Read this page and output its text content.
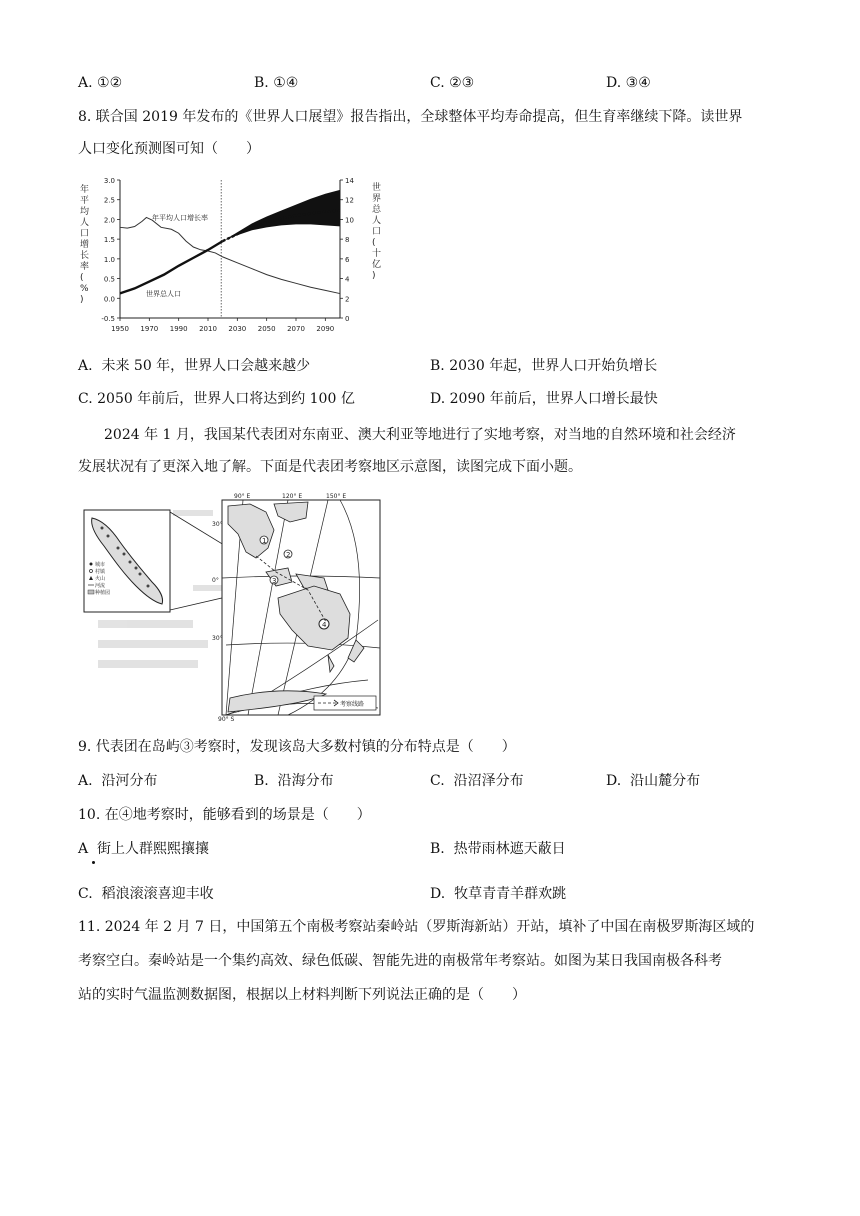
A. ①②	B. ①④	C. ②③	D. ③④
8. 联合国 2019 年发布的《世界人口展望》报告指出，全球整体平均寿命提高，但生育率继续下降。读世界
人口变化预测图可知（　　）
3.0
2.5
2.0
1.5
1.0
0.5
0.0
-0.5
14
12
10
8
6
4
2
0
1950 1970 1990 2010 2030 2050 2070 2090
年
平
均
人
口
增
长
率
(
%
)
世
界
总
人
口
(
十
亿
)
年平均人口增长率
世界总人口
A. 未来 50 年，世界人口会越来越少	B. 2030 年起，世界人口开始负增长
C. 2050 年前后，世界人口将达到约 100 亿	D. 2090 年前后，世界人口增长最快
2024 年 1 月，我国某代表团对东南亚、澳大利亚等地进行了实地考察，对当地的自然环境和社会经济
发展状况有了更深入地了解。下面是代表团考察地区示意图，读图完成下面小题。
城市
村镇
火山
河流
种植园
1
2
3
4
90° E	120° E	150° E
30°
0°
30°
90° S
考察线路
9. 代表团在岛屿③考察时，发现该岛大多数村镇的分布特点是（　　）
A. 沿河分布	B. 沿海分布	C. 沿沼泽分布	D. 沿山麓分布
10. 在④地考察时，能够看到的场景是（　　）
A 街上人群熙熙攘攘	B. 热带雨林遮天蔽日
C. 稻浪滚滚喜迎丰收	D. 牧草青青羊群欢跳
11. 2024 年 2 月 7 日，中国第五个南极考察站秦岭站（罗斯海新站）开站，填补了中国在南极罗斯海区域的
考察空白。秦岭站是一个集约高效、绿色低碳、智能先进的南极常年考察站。如图为某日我国南极各科考
站的实时气温监测数据图，根据以上材料判断下列说法正确的是（　　）
